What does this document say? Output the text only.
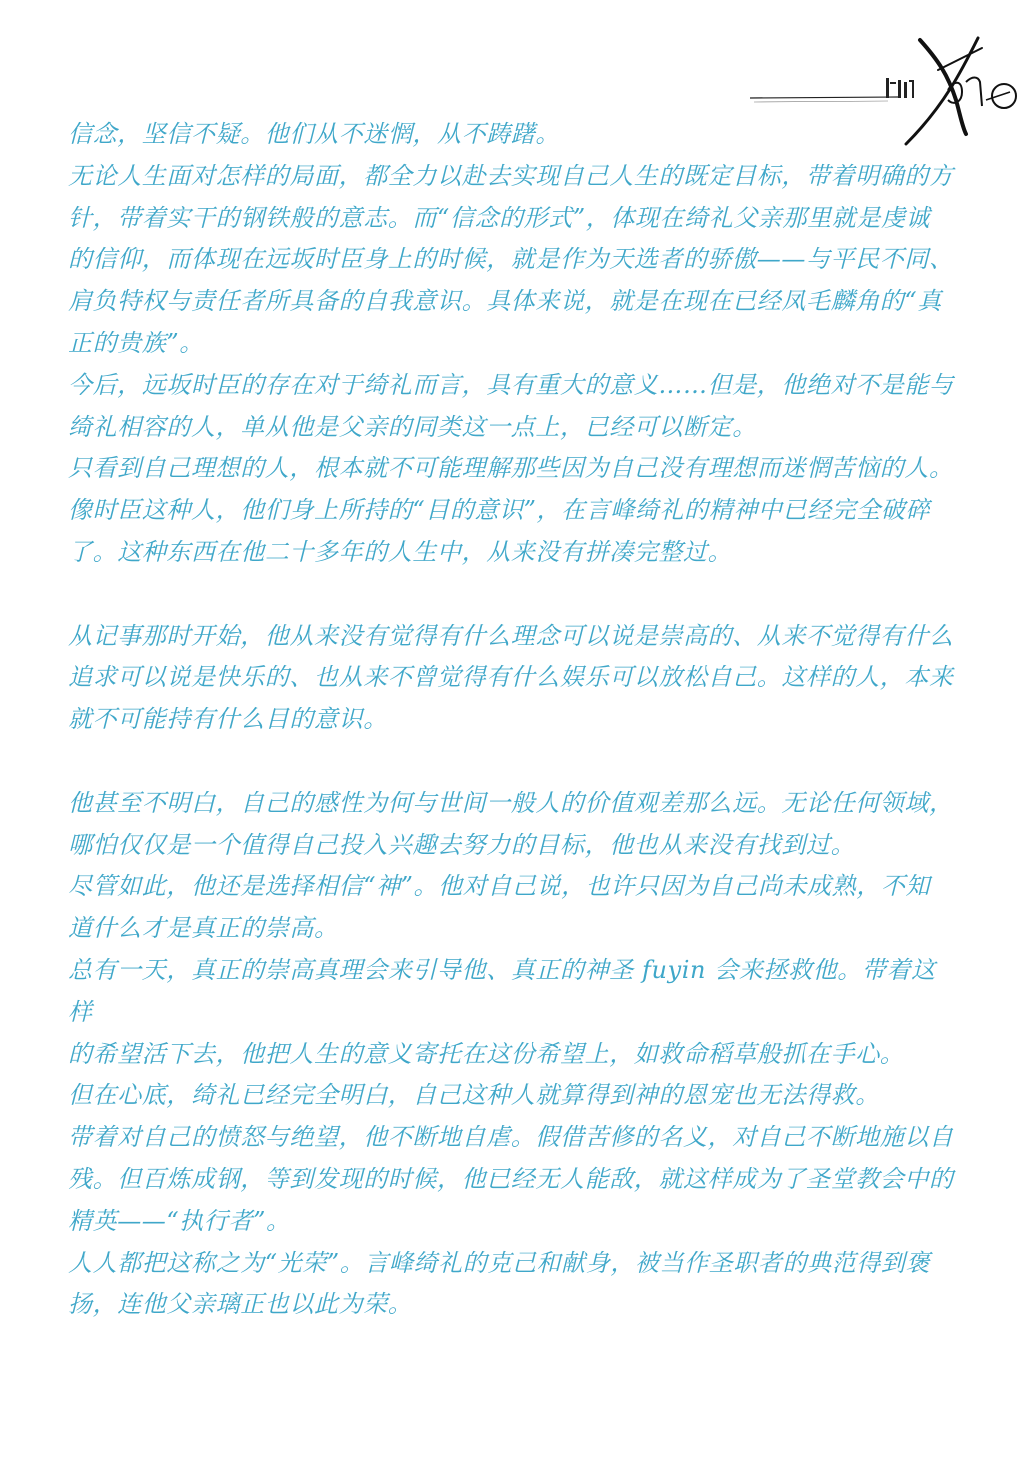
信念，坚信不疑。他们从不迷惘，从不踌躇。

无论人生面对怎样的局面，都全力以赴去实现自己人生的既定目标，带着明确的方

针，带着实干的钢铁般的意志。而“信念的形式”，体现在绮礼父亲那里就是虔诚

的信仰，而体现在远坂时臣身上的时候，就是作为天选者的骄傲——与平民不同、

肩负特权与责任者所具备的自我意识。具体来说，就是在现在已经凤毛麟角的“真

正的贵族”。

今后，远坂时臣的存在对于绮礼而言，具有重大的意义……但是，他绝对不是能与

绮礼相容的人，单从他是父亲的同类这一点上，已经可以断定。

只看到自己理想的人，根本就不可能理解那些因为自己没有理想而迷惘苦恼的人。

像时臣这种人，他们身上所持的“目的意识”，在言峰绮礼的精神中已经完全破碎

了。这种东西在他二十多年的人生中，从来没有拼凑完整过。

从记事那时开始，他从来没有觉得有什么理念可以说是崇高的、从来不觉得有什么

追求可以说是快乐的、也从来不曾觉得有什么娱乐可以放松自己。这样的人，本来

就不可能持有什么目的意识。

他甚至不明白，自己的感性为何与世间一般人的价值观差那么远。无论任何领域，

哪怕仅仅是一个值得自己投入兴趣去努力的目标，他也从来没有找到过。

尽管如此，他还是选择相信“神”。他对自己说，也许只因为自己尚未成熟，不知

道什么才是真正的崇高。

总有一天，真正的崇高真理会来引导他、真正的神圣 fuyin 会来拯救他。带着这样

的希望活下去，他把人生的意义寄托在这份希望上，如救命稻草般抓在手心。

但在心底，绮礼已经完全明白，自己这种人就算得到神的恩宠也无法得救。

带着对自己的愤怒与绝望，他不断地自虐。假借苦修的名义，对自己不断地施以自

残。但百炼成钢，等到发现的时候，他已经无人能敌，就这样成为了圣堂教会中的

精英——“执行者”。

人人都把这称之为“光荣”。言峰绮礼的克己和献身，被当作圣职者的典范得到褒

扬，连他父亲璃正也以此为荣。
